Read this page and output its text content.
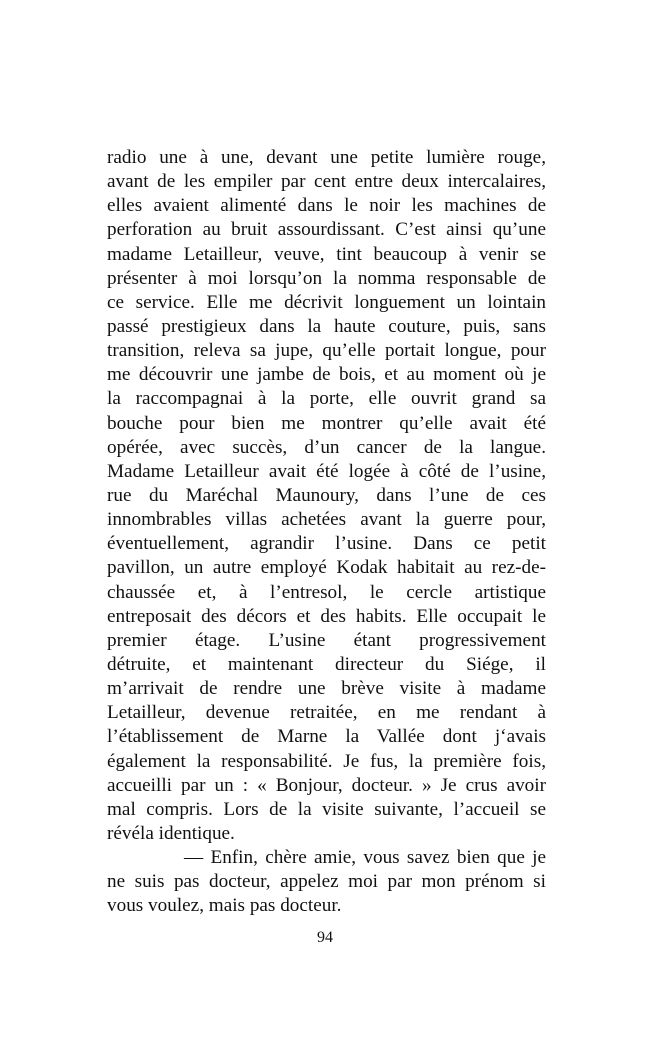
radio une à une, devant une petite lumière rouge,
avant de les empiler par cent entre deux intercalaires,
elles avaient alimenté dans le noir les machines de
perforation au bruit assourdissant. C’est ainsi qu’une
madame Letailleur, veuve, tint beaucoup à venir se
présenter à moi lorsqu’on la nomma responsable de
ce service. Elle me décrivit longuement un lointain
passé prestigieux dans la haute couture, puis, sans
transition, releva sa jupe, qu’elle portait longue, pour
me découvrir une jambe de bois, et au moment où je
la raccompagnai à la porte, elle ouvrit grand sa
bouche pour bien me montrer qu’elle avait été
opérée, avec succès, d’un cancer de la langue.
Madame Letailleur avait été logée à côté de l’usine,
rue du Maréchal Maunoury, dans l’une de ces
innombrables villas achetées avant la guerre pour,
éventuellement, agrandir l’usine. Dans ce petit
pavillon, un autre employé Kodak habitait au rez-de-
chaussée et, à l’entresol, le cercle artistique
entreposait des décors et des habits. Elle occupait le
premier étage. L’usine étant progressivement
détruite, et maintenant directeur du Siége, il
m’arrivait de rendre une brève visite à madame
Letailleur, devenue retraitée, en me rendant à
l’établissement de Marne la Vallée dont j‘avais
également la responsabilité. Je fus, la première fois,
accueilli par un : « Bonjour, docteur. » Je crus avoir
mal compris. Lors de la visite suivante, l’accueil se
révéla identique.
— Enfin, chère amie, vous savez bien que je
ne suis pas docteur, appelez moi par mon prénom si
vous voulez, mais pas docteur.
94
